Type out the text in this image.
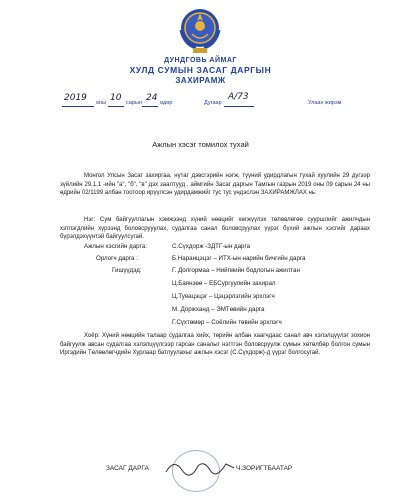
ДУНДГОВЬ АЙМАГ
ХУЛД СУМЫН ЗАСАГ ДАРГЫН
ЗАХИРАМЖ
2019 оны 10 сарын 24 өдөр	Дугаар
А/73
Улаан жирэм
Ажлын хэсэг томилох тухай
Монгол Улсын Засаг захиргаа, нутаг дэвсгэрийн нэгж, түүний удирдлагын тухай хуулийн 29 дүгээр зүйлийн 29.1.1 -ийн "а", "б", "в" дэх заалтууд , аймгийн Засаг даргын Тамгын газрын 2019 оны 09 сарын 24 ны өдрийн 02/1199 албан тоотоор ирүүлсэн удирдамжийг тус тус үндэслэн ЗАХИРАМЖЛАХ нь:
Нэг: Сум байгууллагын хэмжээнд хүний нөөцийг хөгжүүлэх төлөвлөгөө сууршлийг ажилчдын хэтлэгдлийн хүрээнд боловсрууулах, судалгаа санал боловсруулах үүрэг бүхий ажлын хэсгийг дараах бүрэлдэхүүнтэй байгуулсугай.
Ажлын хэсгийн дарга:	С.Сүхдорж -ЗДТГ-ын дарга
Орлогч дарга :	Б.Наранцэцэг – ИТХ-ын нарийн бичгийн дарга
Гишүүдэд:	Г. Долгормаа – Нийгмийн бодлогын ажилтан
Ц.Баянзөө – ЕБСургуулийн захирал
Ц.Туяацэцэг – Цэцэрлэгийн эрхлэгч
М. Доржханд – ЭМТөвийн дарга
Г.Сүхтөмөр – Соёлийн төвийн эрхлэгч
Хоёр: Хүний нөөцийн талаар судалгаа хийх, төрийн албан хаагчдаас санал авч хэлэлцүүлэг зохион байгуулж авсан судалгаа хэлэлцүүлгээр гарсан саналыг нэгтгэн боловсруулж сумын хөтөлбөр болгон сумын Иргэдийн Төлөөлөгчдийн Хурлаар батлуулахыг ажлын хэсэг (С.Сүхдорж)-д үүрэг болгосугай.
ЗАСАГ ДАРГА	Ч.ЗОРИГТБААТАР
